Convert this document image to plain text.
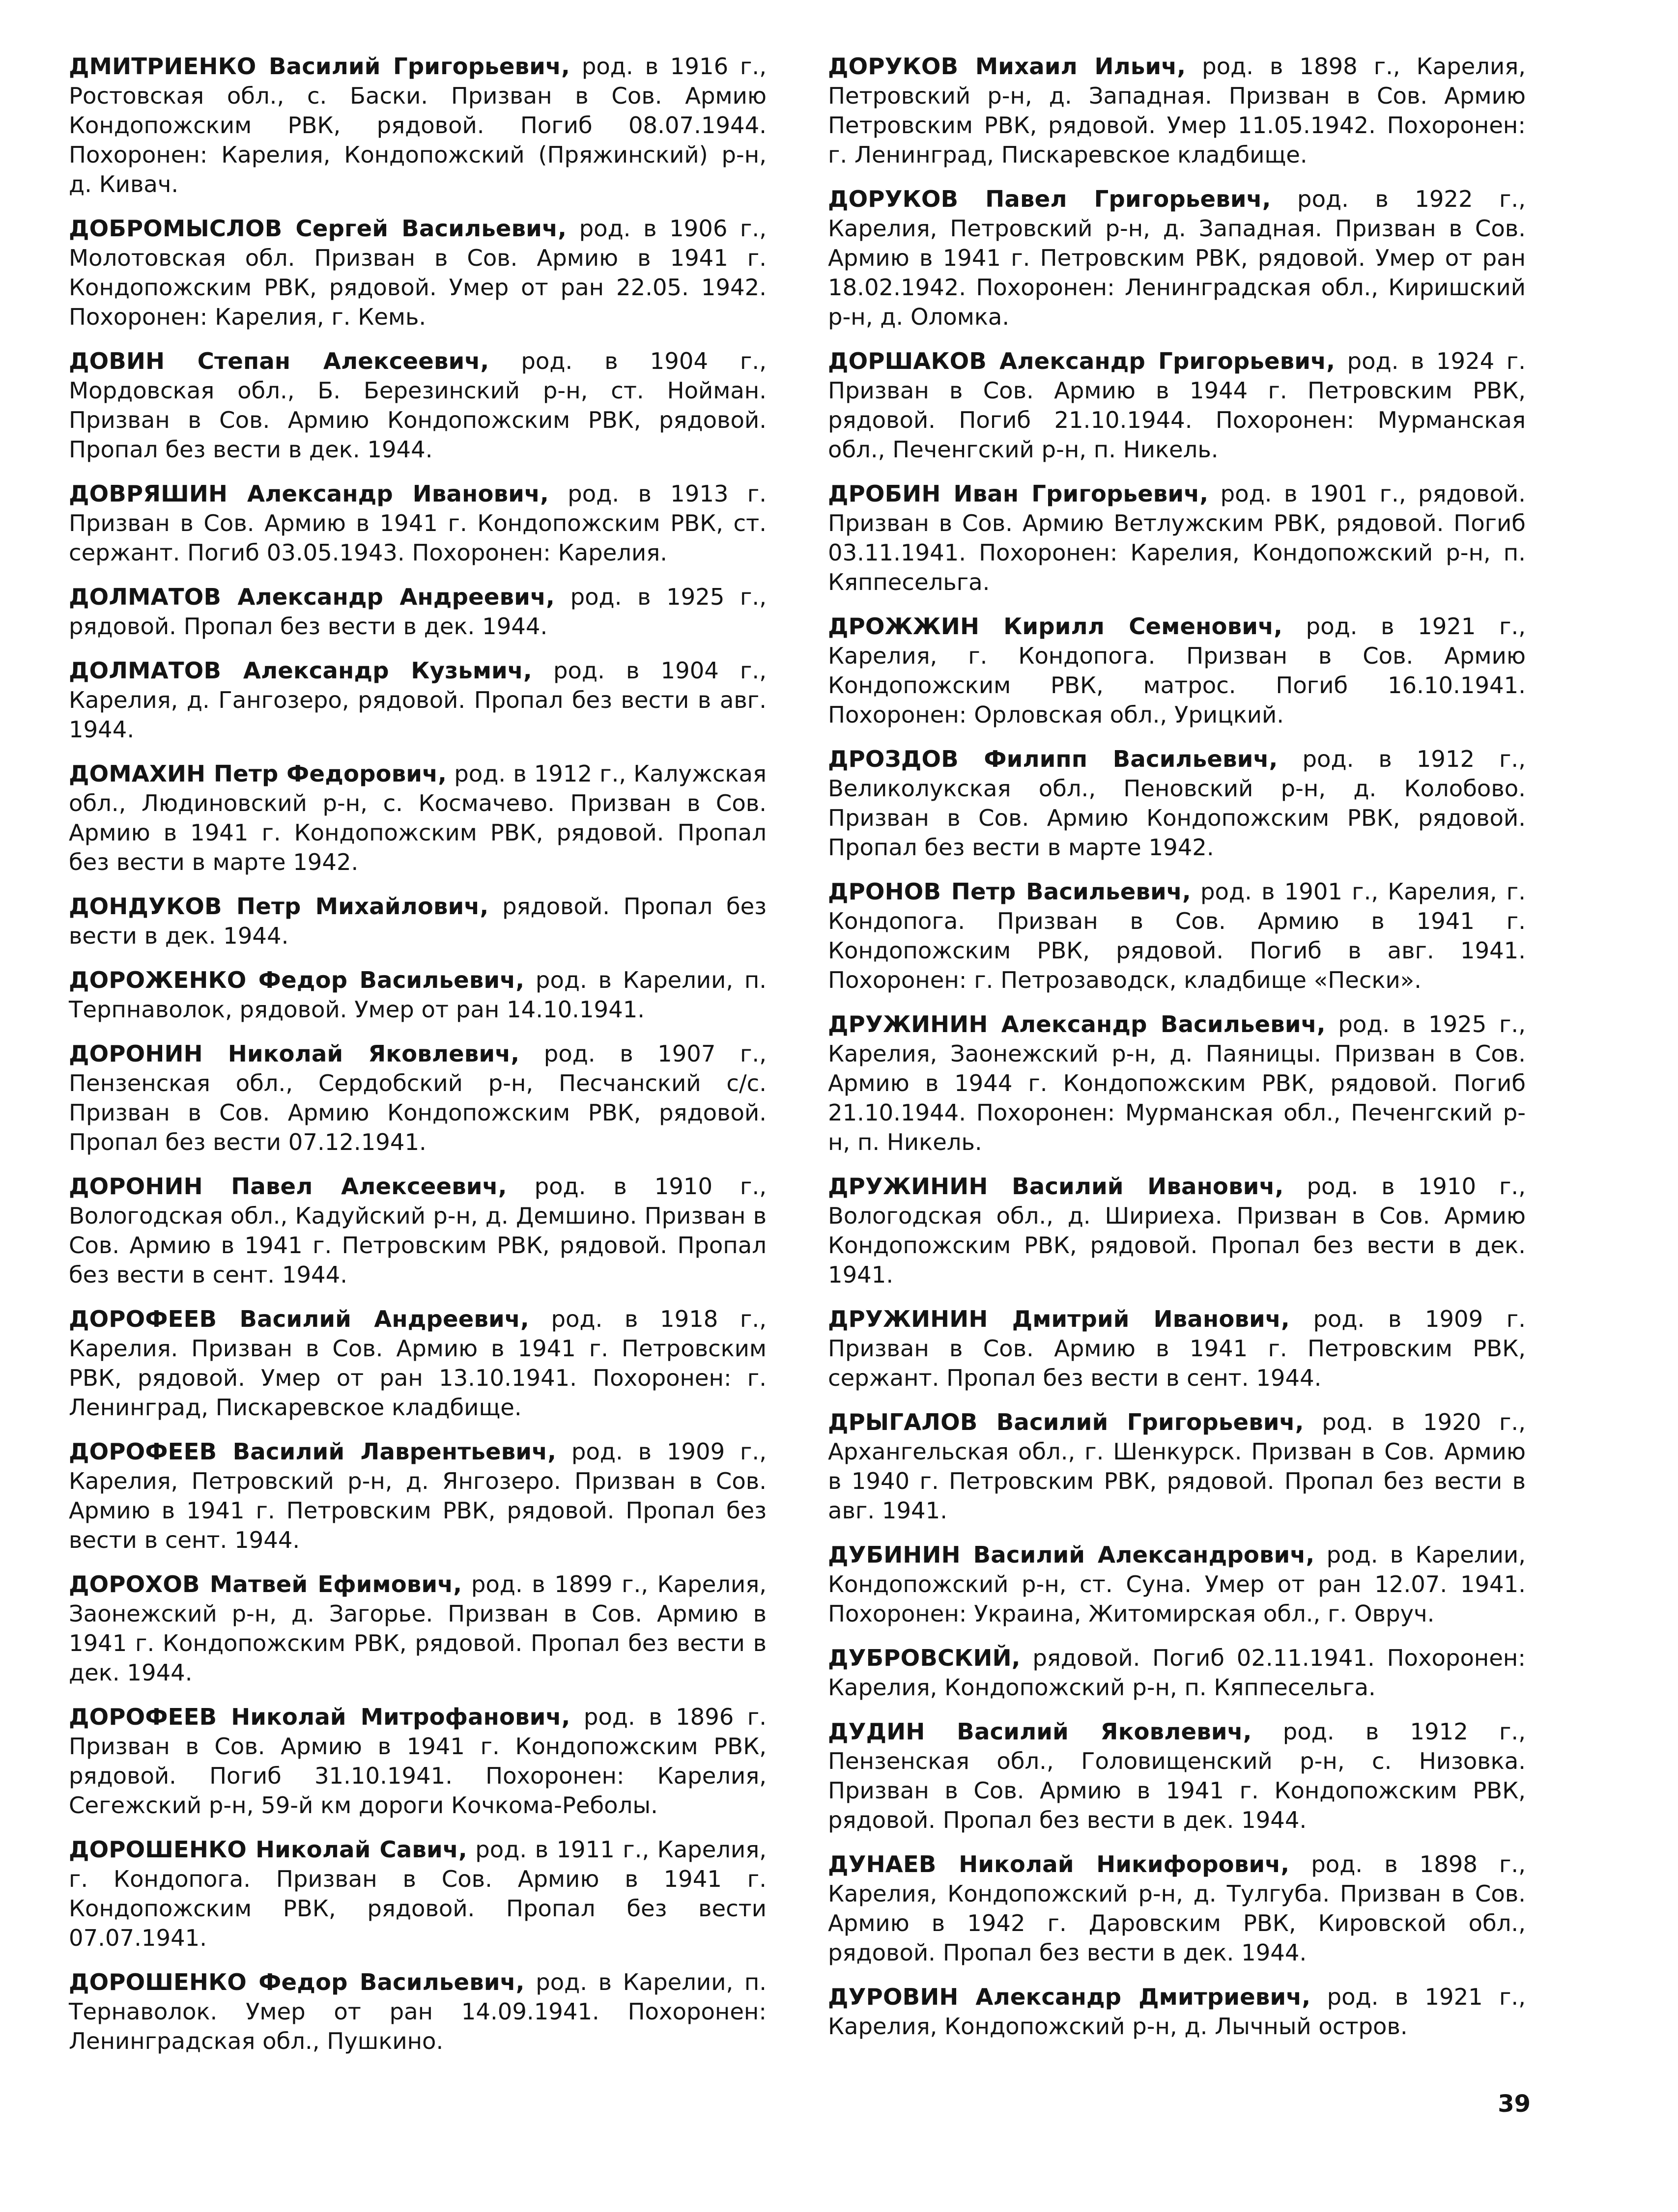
ДМИТРИЕНКО Василий Григорьевич, род. в 1916 г., Ростовская обл., с. Баски. Призван в Сов. Армию Кондопожским РВК, рядовой. Погиб 08.07.1944. Похоронен: Карелия, Кондопожский (Пряжинский) р-н, д. Кивач.

ДОБРОМЫСЛОВ Сергей Васильевич, род. в 1906 г., Молотовская обл. Призван в Сов. Армию в 1941 г. Кондопожским РВК, рядовой. Умер от ран 22.05. 1942. Похоронен: Карелия, г. Кемь.

ДОВИН Степан Алексеевич, род. в 1904 г., Мордовская обл., Б. Березинский р-н, ст. Нойман. Призван в Сов. Армию Кондопожским РВК, рядовой. Пропал без вести в дек. 1944.

ДОВРЯШИН Александр Иванович, род. в 1913 г. Призван в Сов. Армию в 1941 г. Кондопожским РВК, ст. сержант. Погиб 03.05.1943. Похоронен: Карелия.

ДОЛМАТОВ Александр Андреевич, род. в 1925 г., рядовой. Пропал без вести в дек. 1944.

ДОЛМАТОВ Александр Кузьмич, род. в 1904 г., Карелия, д. Гангозеро, рядовой. Пропал без вести в авг. 1944.

ДОМАХИН Петр Федорович, род. в 1912 г., Калужская обл., Людиновский р-н, с. Космачево. Призван в Сов. Армию в 1941 г. Кондопожским РВК, рядовой. Пропал без вести в марте 1942.

ДОНДУКОВ Петр Михайлович, рядовой. Пропал без вести в дек. 1944.

ДОРОЖЕНКО Федор Васильевич, род. в Карелии, п. Терпнаволок, рядовой. Умер от ран 14.10.1941.

ДОРОНИН Николай Яковлевич, род. в 1907 г., Пензенская обл., Сердобский р-н, Песчанский с/с. Призван в Сов. Армию Кондопожским РВК, рядовой. Пропал без вести 07.12.1941.

ДОРОНИН Павел Алексеевич, род. в 1910 г., Вологодская обл., Кадуйский р-н, д. Демшино. Призван в Сов. Армию в 1941 г. Петровским РВК, рядовой. Пропал без вести в сент. 1944.

ДОРОФЕЕВ Василий Андреевич, род. в 1918 г., Карелия. Призван в Сов. Армию в 1941 г. Петровским РВК, рядовой. Умер от ран 13.10.1941. Похоронен: г. Ленинград, Пискаревское кладбище.

ДОРОФЕЕВ Василий Лаврентьевич, род. в 1909 г., Карелия, Петровский р-н, д. Янгозеро. Призван в Сов. Армию в 1941 г. Петровским РВК, рядовой. Пропал без вести в сент. 1944.

ДОРОХОВ Матвей Ефимович, род. в 1899 г., Карелия, Заонежский р-н, д. Загорье. Призван в Сов. Армию в 1941 г. Кондопожским РВК, рядовой. Пропал без вести в дек. 1944.

ДОРОФЕЕВ Николай Митрофанович, род. в 1896 г. Призван в Сов. Армию в 1941 г. Кондопожским РВК, рядовой. Погиб 31.10.1941. Похоронен: Карелия, Сегежский р-н, 59-й км дороги Кочкома-Реболы.

ДОРОШЕНКО Николай Савич, род. в 1911 г., Карелия, г. Кондопога. Призван в Сов. Армию в 1941 г. Кондопожским РВК, рядовой. Пропал без вести 07.07.1941.

ДОРОШЕНКО Федор Васильевич, род. в Карелии, п. Тернаволок. Умер от ран 14.09.1941. Похоронен: Ленинградская обл., Пушкино.

ДОРУКОВ Михаил Ильич, род. в 1898 г., Карелия, Петровский р-н, д. Западная. Призван в Сов. Армию Петровским РВК, рядовой. Умер 11.05.1942. Похоронен: г. Ленинград, Пискаревское кладбище.

ДОРУКОВ Павел Григорьевич, род. в 1922 г., Карелия, Петровский р-н, д. Западная. Призван в Сов. Армию в 1941 г. Петровским РВК, рядовой. Умер от ран 18.02.1942. Похоронен: Ленинградская обл., Киришский р-н, д. Оломка.

ДОРШАКОВ Александр Григорьевич, род. в 1924 г. Призван в Сов. Армию в 1944 г. Петровским РВК, рядовой. Погиб 21.10.1944. Похоронен: Мурманская обл., Печенгский р-н, п. Никель.

ДРОБИН Иван Григорьевич, род. в 1901 г., рядовой. Призван в Сов. Армию Ветлужским РВК, рядовой. Погиб 03.11.1941. Похоронен: Карелия, Кондопожский р-н, п. Кяппесельга.

ДРОЖЖИН Кирилл Семенович, род. в 1921 г., Карелия, г. Кондопога. Призван в Сов. Армию Кондопожским РВК, матрос. Погиб 16.10.1941. Похоронен: Орловская обл., Урицкий.

ДРОЗДОВ Филипп Васильевич, род. в 1912 г., Великолукская обл., Пеновский р-н, д. Колобово. Призван в Сов. Армию Кондопожским РВК, рядовой. Пропал без вести в марте 1942.

ДРОНОВ Петр Васильевич, род. в 1901 г., Карелия, г. Кондопога. Призван в Сов. Армию в 1941 г. Кондопожским РВК, рядовой. Погиб в авг. 1941. Похоронен: г. Петрозаводск, кладбище «Пески».

ДРУЖИНИН Александр Васильевич, род. в 1925 г., Карелия, Заонежский р-н, д. Паяницы. Призван в Сов. Армию в 1944 г. Кондопожским РВК, рядовой. Погиб 21.10.1944. Похоронен: Мурманская обл., Печенгский р-н, п. Никель.

ДРУЖИНИН Василий Иванович, род. в 1910 г., Вологодская обл., д. Шириеха. Призван в Сов. Армию Кондопожским РВК, рядовой. Пропал без вести в дек. 1941.

ДРУЖИНИН Дмитрий Иванович, род. в 1909 г. Призван в Сов. Армию в 1941 г. Петровским РВК, сержант. Пропал без вести в сент. 1944.

ДРЫГАЛОВ Василий Григорьевич, род. в 1920 г., Архангельская обл., г. Шенкурск. Призван в Сов. Армию в 1940 г. Петровским РВК, рядовой. Пропал без вести в авг. 1941.

ДУБИНИН Василий Александрович, род. в Карелии, Кондопожский р-н, ст. Суна. Умер от ран 12.07. 1941. Похоронен: Украина, Житомирская обл., г. Овруч.

ДУБРОВСКИЙ, рядовой. Погиб 02.11.1941. Похоронен: Карелия, Кондопожский р-н, п. Кяппесельга.

ДУДИН Василий Яковлевич, род. в 1912 г., Пензенская обл., Головищенский р-н, с. Низовка. Призван в Сов. Армию в 1941 г. Кондопожским РВК, рядовой. Пропал без вести в дек. 1944.

ДУНАЕВ Николай Никифорович, род. в 1898 г., Карелия, Кондопожский р-н, д. Тулгуба. Призван в Сов. Армию в 1942 г. Даровским РВК, Кировской обл., рядовой. Пропал без вести в дек. 1944.

ДУРОВИН Александр Дмитриевич, род. в 1921 г., Карелия, Кондопожский р-н, д. Лычный остров.

39
